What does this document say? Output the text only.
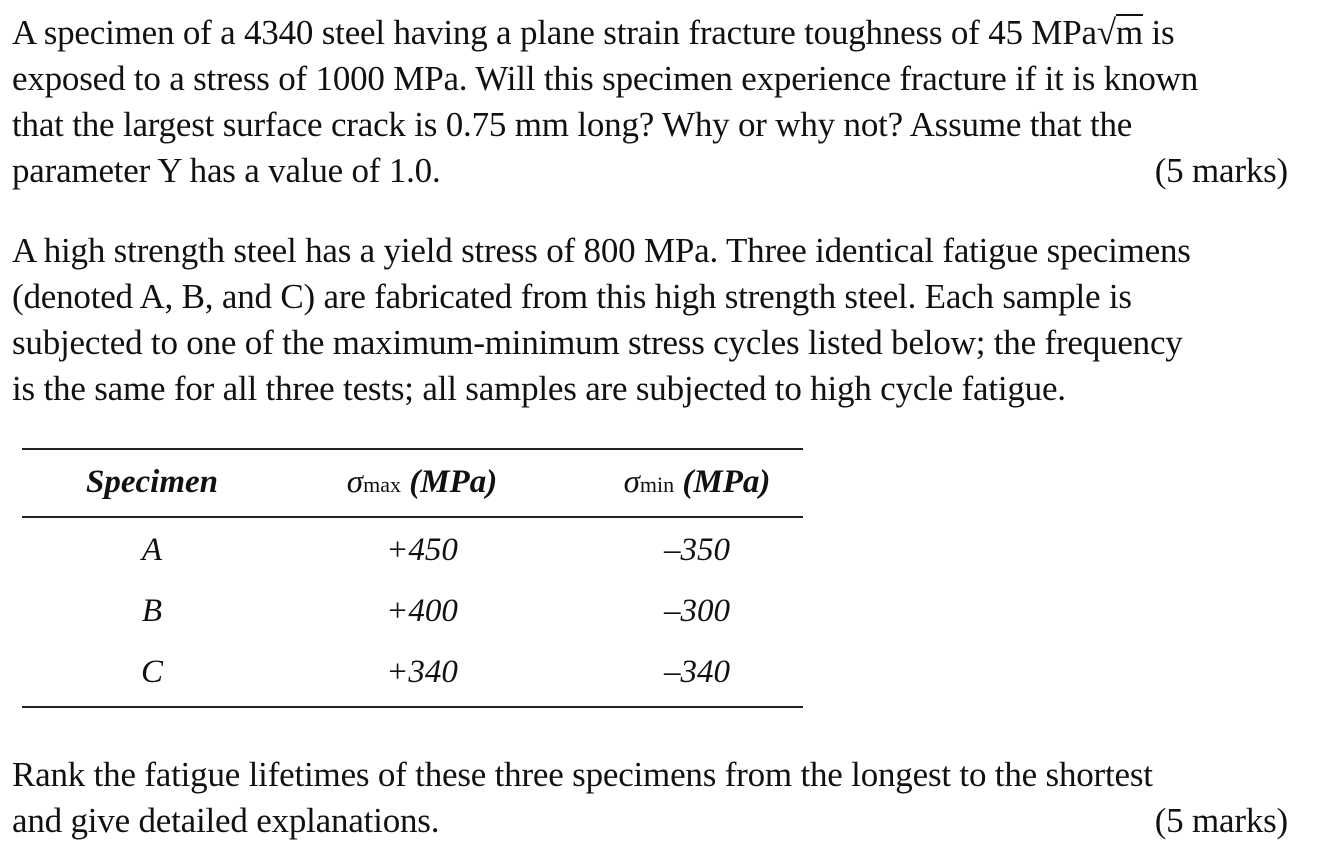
A specimen of a 4340 steel having a plane strain fracture toughness of 45 MPa√m is
exposed to a stress of 1000 MPa. Will this specimen experience fracture if it is known
that the largest surface crack is 0.75 mm long? Why or why not? Assume that the
parameter Y has a value of 1.0.	(5 marks)
A high strength steel has a yield stress of 800 MPa. Three identical fatigue specimens
(denoted A, B, and C) are fabricated from this high strength steel. Each sample is
subjected to one of the maximum-minimum stress cycles listed below; the frequency
is the same for all three tests; all samples are subjected to high cycle fatigue.
Specimen	σmax (MPa)	σmin (MPa)
A	+450	–350
B	+400	–300
C	+340	–340
Rank the fatigue lifetimes of these three specimens from the longest to the shortest
and give detailed explanations.	(5 marks)
